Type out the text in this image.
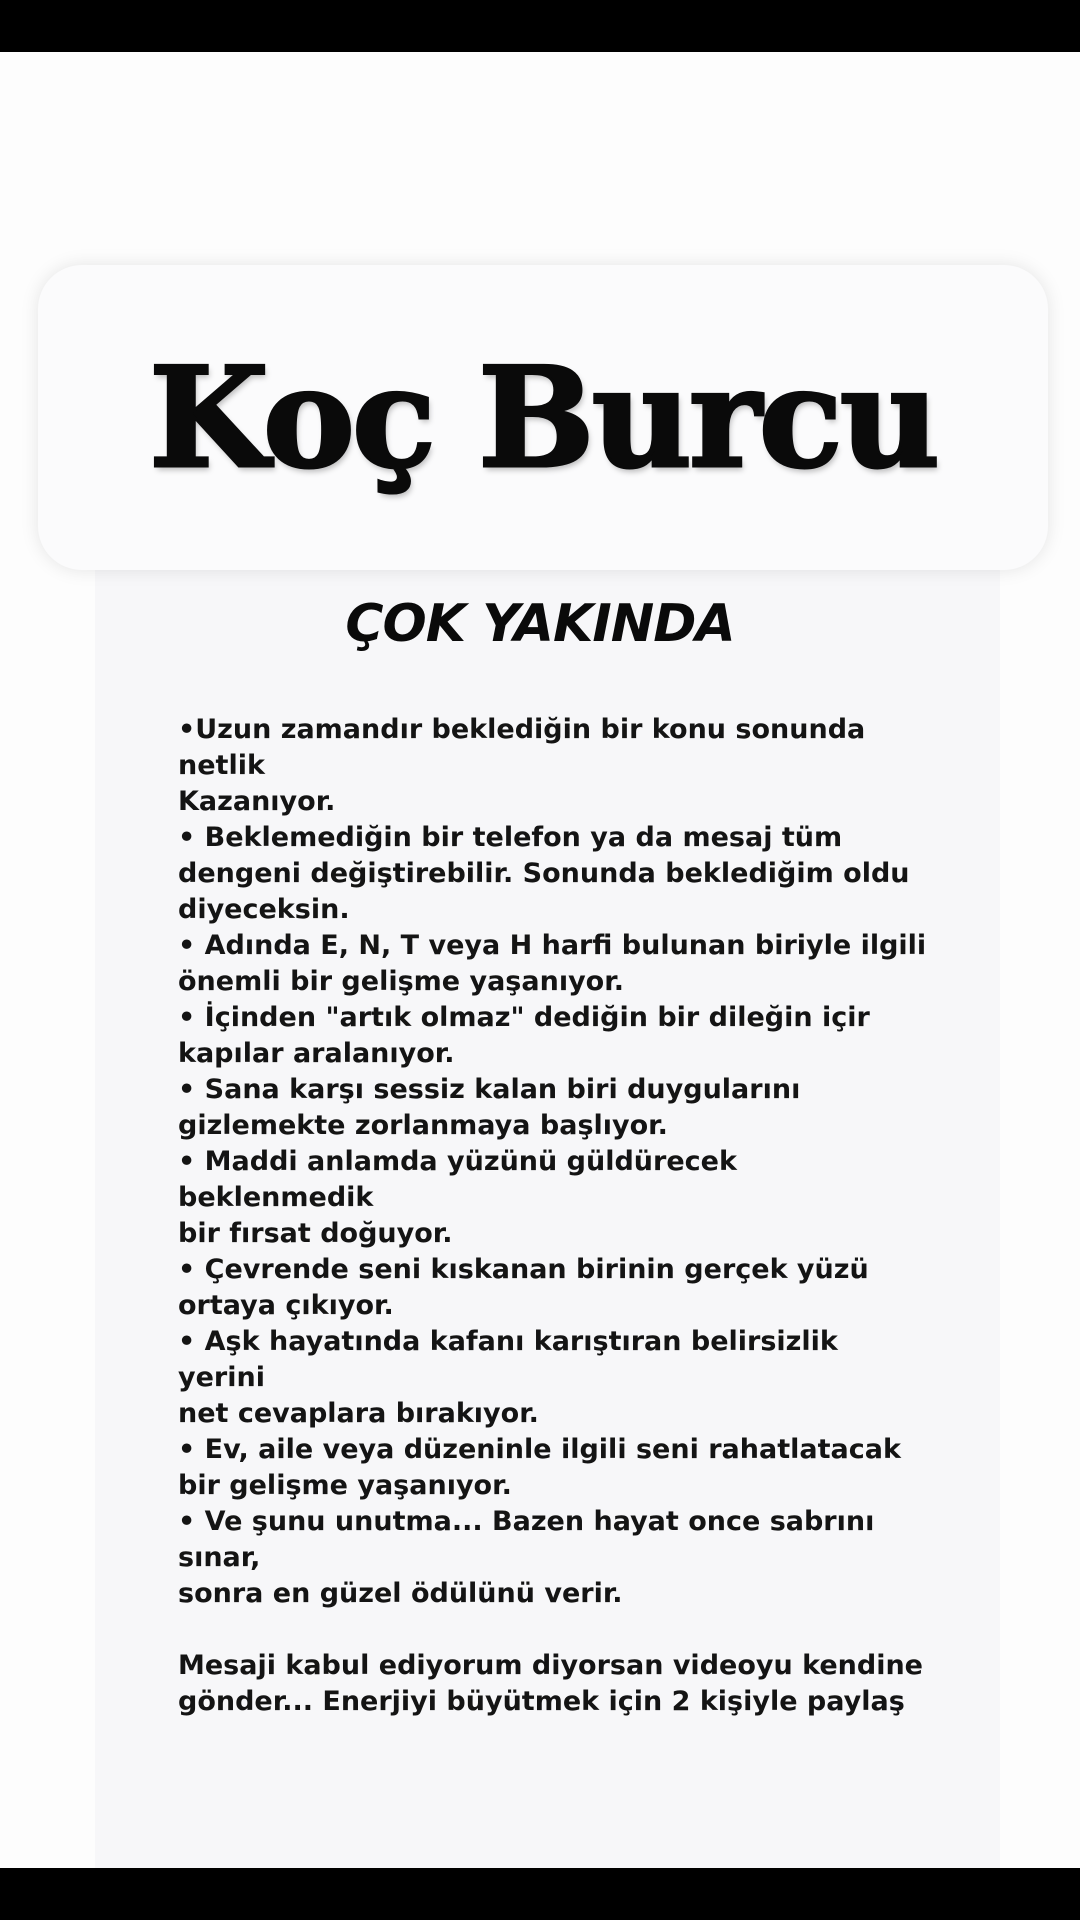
Koç Burcu
ÇOK YAKINDA

•Uzun zamandır beklediğin bir konu sonunda

netlik

Kazanıyor.

• Beklemediğin bir telefon ya da mesaj tüm

dengeni değiştirebilir. Sonunda beklediğim oldu

diyeceksin.

• Adında E, N, T veya H harfi bulunan biriyle ilgili

önemli bir gelişme yaşanıyor.

• İçinden "artık olmaz" dediğin bir dileğin içir

kapılar aralanıyor.

• Sana karşı sessiz kalan biri duygularını

gizlemekte zorlanmaya başlıyor.

• Maddi anlamda yüzünü güldürecek

beklenmedik

bir fırsat doğuyor.

• Çevrende seni kıskanan birinin gerçek yüzü

ortaya çıkıyor.

• Aşk hayatında kafanı karıştıran belirsizlik

yerini

net cevaplara bırakıyor.

• Ev, aile veya düzeninle ilgili seni rahatlatacak

bir gelişme yaşanıyor.

• Ve şunu unutma... Bazen hayat once sabrını

sınar,

sonra en güzel ödülünü verir.

Mesaji kabul ediyorum diyorsan videoyu kendine

gönder... Enerjiyi büyütmek için 2 kişiyle paylaş
